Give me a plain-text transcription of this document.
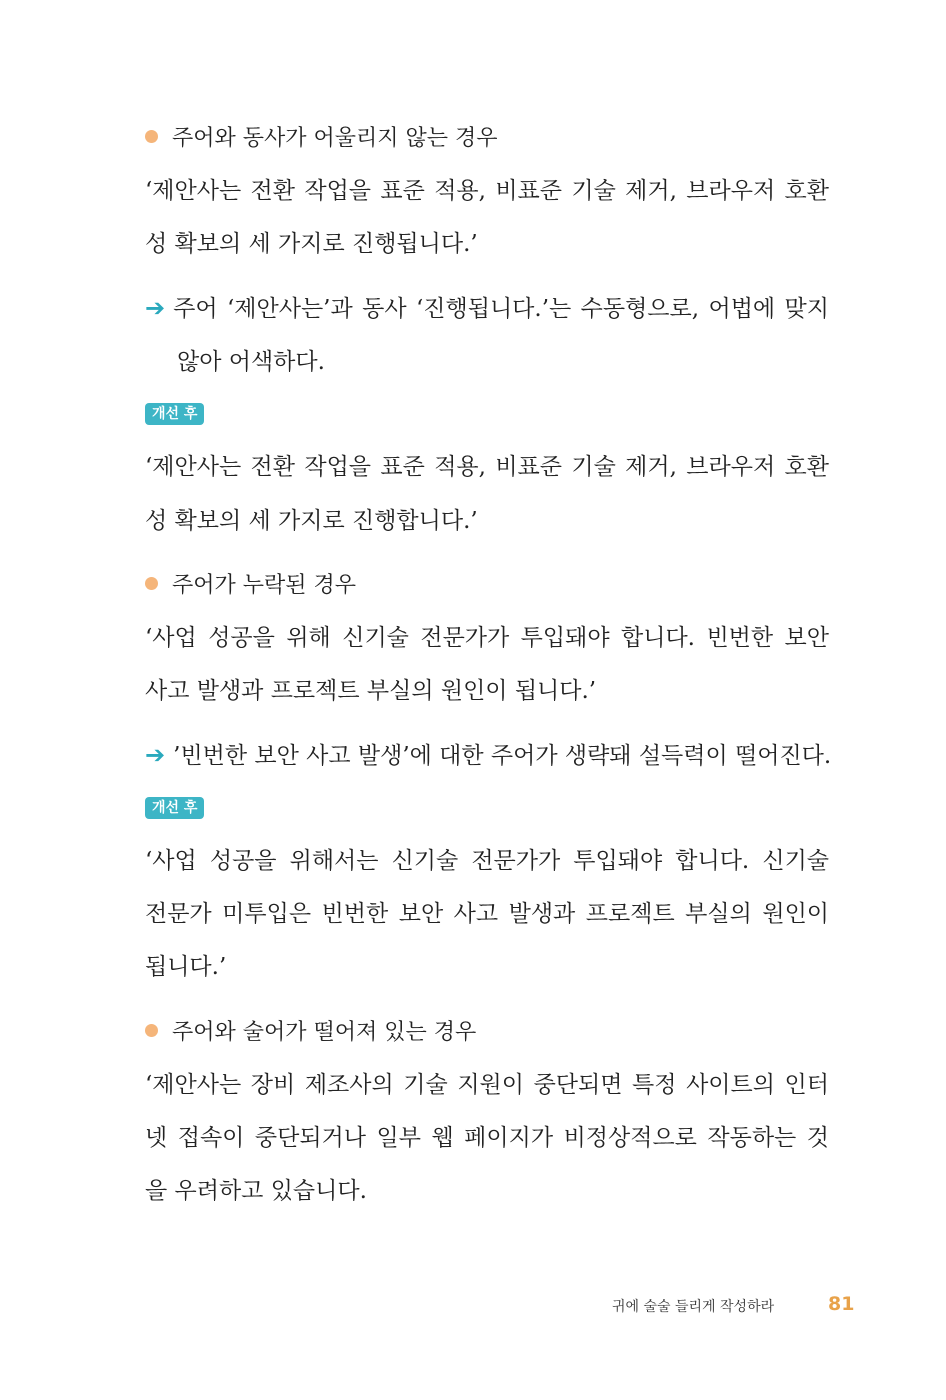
주어와 동사가 어울리지 않는 경우
‘제안사는 전환 작업을 표준 적용, 비표준 기술 제거, 브라우저 호환
성 확보의 세 가지로 진행됩니다.’
➔ 주어 ‘제안사는’과 동사 ‘진행됩니다.’는 수동형으로, 어법에 맞지
않아 어색하다.
개선 후
‘제안사는 전환 작업을 표준 적용, 비표준 기술 제거, 브라우저 호환
성 확보의 세 가지로 진행합니다.’
주어가 누락된 경우
‘사업 성공을 위해 신기술 전문가가 투입돼야 합니다. 빈번한 보안
사고 발생과 프로젝트 부실의 원인이 됩니다.’
➔ ’빈번한 보안 사고 발생’에 대한 주어가 생략돼 설득력이 떨어진다.
개선 후
‘사업 성공을 위해서는 신기술 전문가가 투입돼야 합니다. 신기술
전문가 미투입은 빈번한 보안 사고 발생과 프로젝트 부실의 원인이
됩니다.’
주어와 술어가 떨어져 있는 경우
‘제안사는 장비 제조사의 기술 지원이 중단되면 특정 사이트의 인터
넷 접속이 중단되거나 일부 웹 페이지가 비정상적으로 작동하는 것
을 우려하고 있습니다.
귀에 술술 들리게 작성하라	81
